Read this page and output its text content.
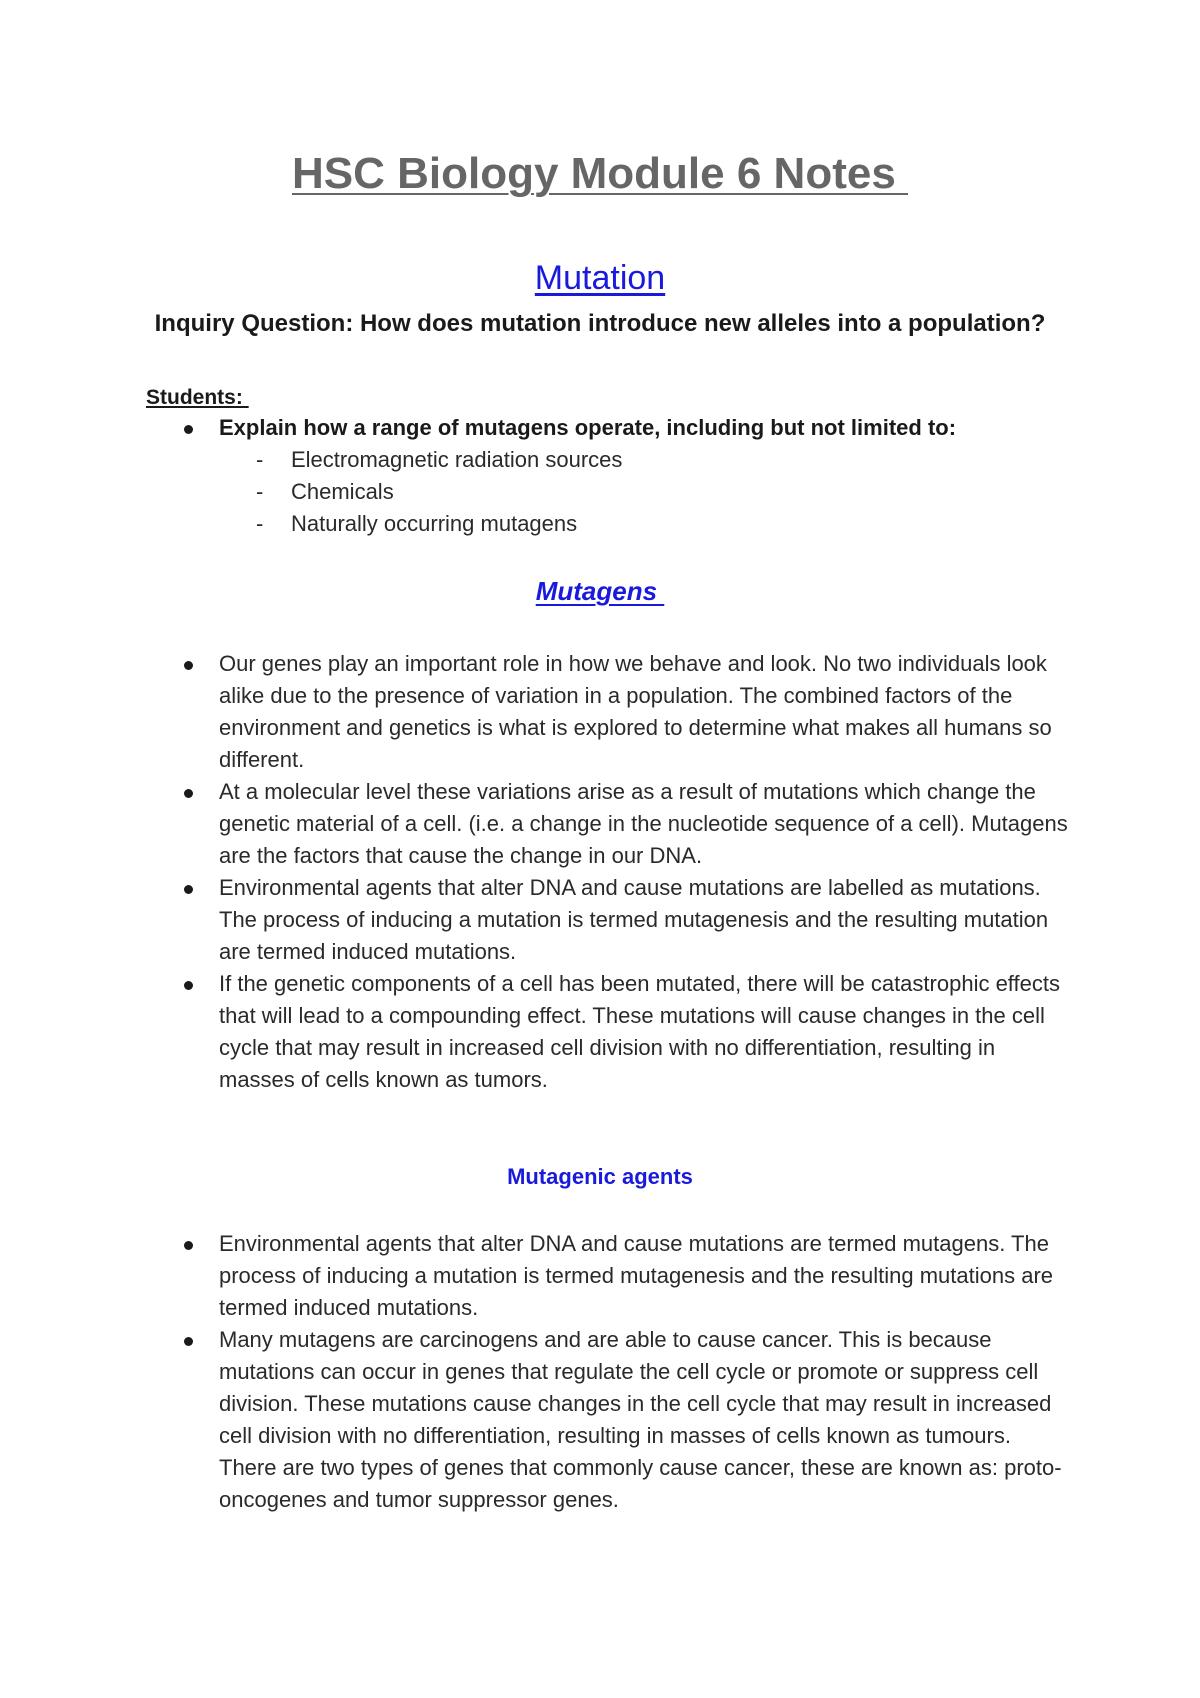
HSC Biology Module 6 Notes
Mutation
Inquiry Question: How does mutation introduce new alleles into a population?
Students:
Explain how a range of mutagens operate, including but not limited to:
- Electromagnetic radiation sources
- Chemicals
- Naturally occurring mutagens
Mutagens
Our genes play an important role in how we behave and look. No two individuals look alike due to the presence of variation in a population. The combined factors of the environment and genetics is what is explored to determine what makes all humans so different.
At a molecular level these variations arise as a result of mutations which change the genetic material of a cell. (i.e. a change in the nucleotide sequence of a cell). Mutagens are the factors that cause the change in our DNA.
Environmental agents that alter DNA and cause mutations are labelled as mutations. The process of inducing a mutation is termed mutagenesis and the resulting mutation are termed induced mutations.
If the genetic components of a cell has been mutated, there will be catastrophic effects that will lead to a compounding effect. These mutations will cause changes in the cell cycle that may result in increased cell division with no differentiation, resulting in masses of cells known as tumors.
Mutagenic agents
Environmental agents that alter DNA and cause mutations are termed mutagens. The process of inducing a mutation is termed mutagenesis and the resulting mutations are termed induced mutations.
Many mutagens are carcinogens and are able to cause cancer. This is because mutations can occur in genes that regulate the cell cycle or promote or suppress cell division. These mutations cause changes in the cell cycle that may result in increased cell division with no differentiation, resulting in masses of cells known as tumours. There are two types of genes that commonly cause cancer, these are known as: proto-oncogenes and tumor suppressor genes.
